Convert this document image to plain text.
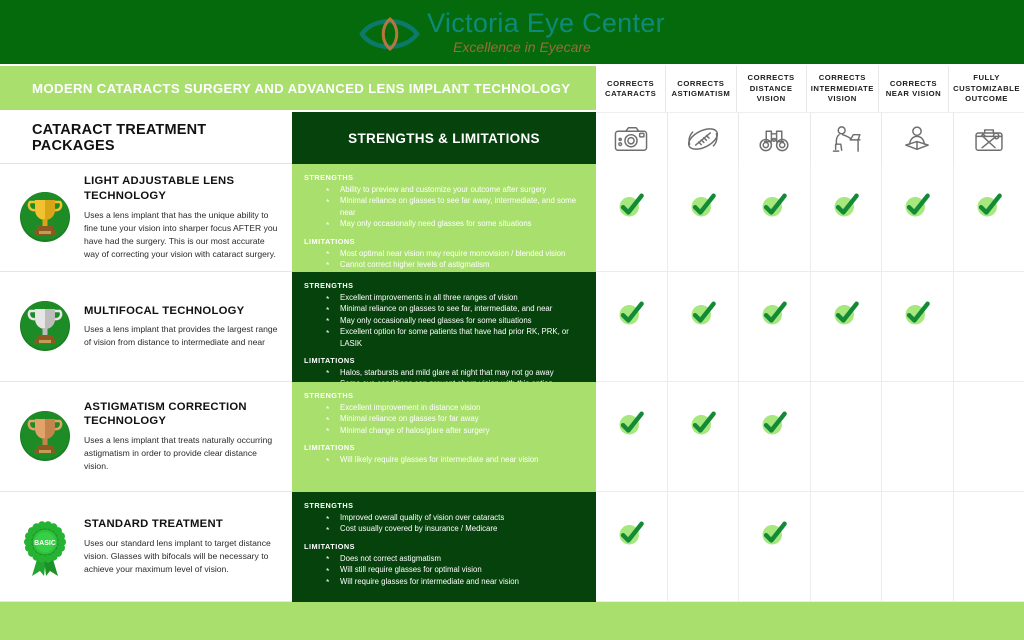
Victoria Eye Center
Excellence in Eyecare
MODERN CATARACTS SURGERY AND ADVANCED LENS IMPLANT TECHNOLOGY	CORRECTS CATARACTS
CORRECTS ASTIGMATISM
CORRECTS DISTANCE VISION
CORRECTS INTERMEDIATE VISION
CORRECTS NEAR VISION
FULLY CUSTOMIZABLE OUTCOME
CATARACT TREATMENT PACKAGES	STRENGTHS & LIMITATIONS
LIGHT ADJUSTABLE LENS TECHNOLOGY
Uses a lens implant that has the unique ability to fine tune your vision into sharper focus AFTER you have had the surgery. This is our most accurate way of correcting your vision with cataract surgery.
STRENGTHS
* Ability to preview and customize your outcome after surgery
* Minimal reliance on glasses to see far away, intermediate, and some near
* May only occasionally need glasses for some situations
LIMITATIONS
* Most optimal near vision may require monovision / blended vision
* Cannot correct higher levels of astigmatism
MULTIFOCAL TECHNOLOGY
Uses a lens implant that provides the largest range of vision from distance to intermediate and near
STRENGTHS
* Excellent improvements in all three ranges of vision
* Minimal reliance on glasses to see far, intermediate, and near
* May only occasionally need glasses for some situations
* Excellent option for some patients that have had prior RK, PRK, or LASIK
LIMITATIONS
* Halos, starbursts and mild glare at night that may not go away
*
ASTIGMATISM CORRECTION TECHNOLOGY
Uses a lens implant that treats naturally occurring astigmatism in order to provide clear distance vision.
STRENGTHS
* Excellent improvement in distance vision
* Minimal reliance on glasses for far away
* Minimal change of halos/glare after surgery
LIMITATIONS
* Will likely require glasses for intermediate and near vision
BASIC
STANDARD TREATMENT
Uses our standard lens implant to target distance vision. Glasses with bifocals will be necessary to achieve your maximum level of vision.
STRENGTHS
* Improved overall quality of vision over cataracts
* Cost usually covered by insurance / Medicare
LIMITATIONS
* Does not correct astigmatism
* Will still require glasses for optimal vision
* Will require glasses for intermediate and near vision
